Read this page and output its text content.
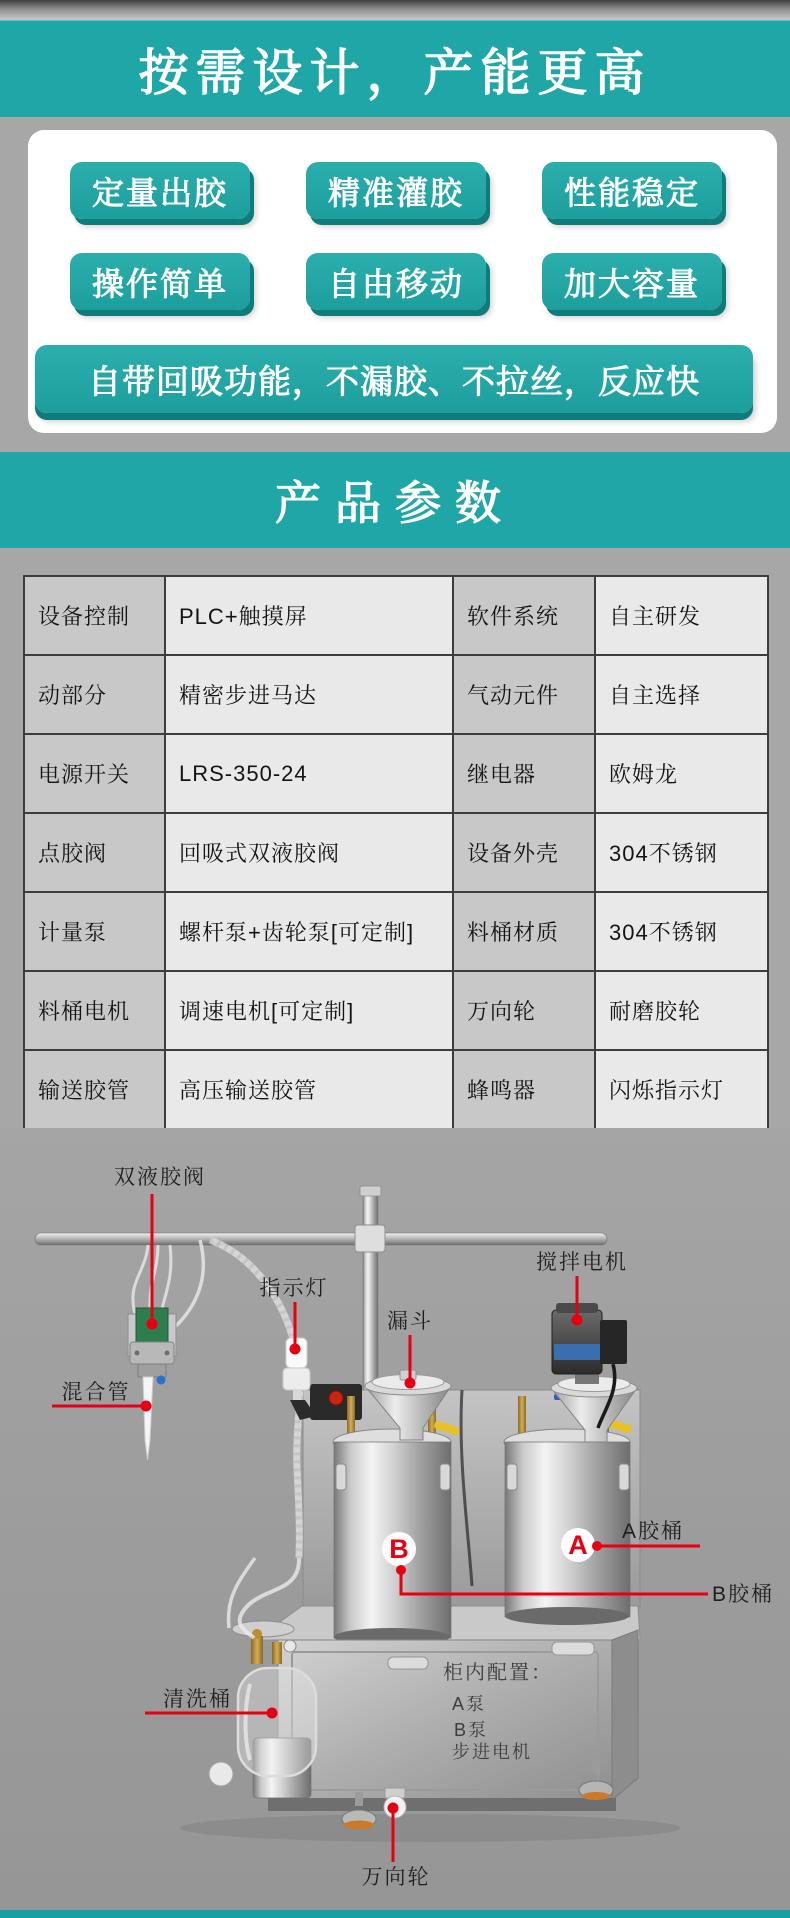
按需设计，产能更高
定量出胶	精准灌胶	性能稳定
操作简单	自由移动	加大容量
自带回吸功能，不漏胶、不拉丝，反应快
产品参数
设备控制	PLC+触摸屏	软件系统	自主研发
动部分	精密步进马达	气动元件	自主选择
电源开关	LRS-350-24	继电器	欧姆龙
点胶阀	回吸式双液胶阀	设备外壳	304不锈钢
计量泵	螺杆泵+齿轮泵[可定制]	料桶材质	304不锈钢
料桶电机	调速电机[可定制]	万向轮	耐磨胶轮
输送胶管	高压输送胶管	蜂鸣器	闪烁指示灯
柜内配置：
A泵
B泵
步进电机
双液胶阀
指示灯
搅拌电机
漏斗
混合管
A A胶桶
B
B胶桶
清洗桶
万向轮
